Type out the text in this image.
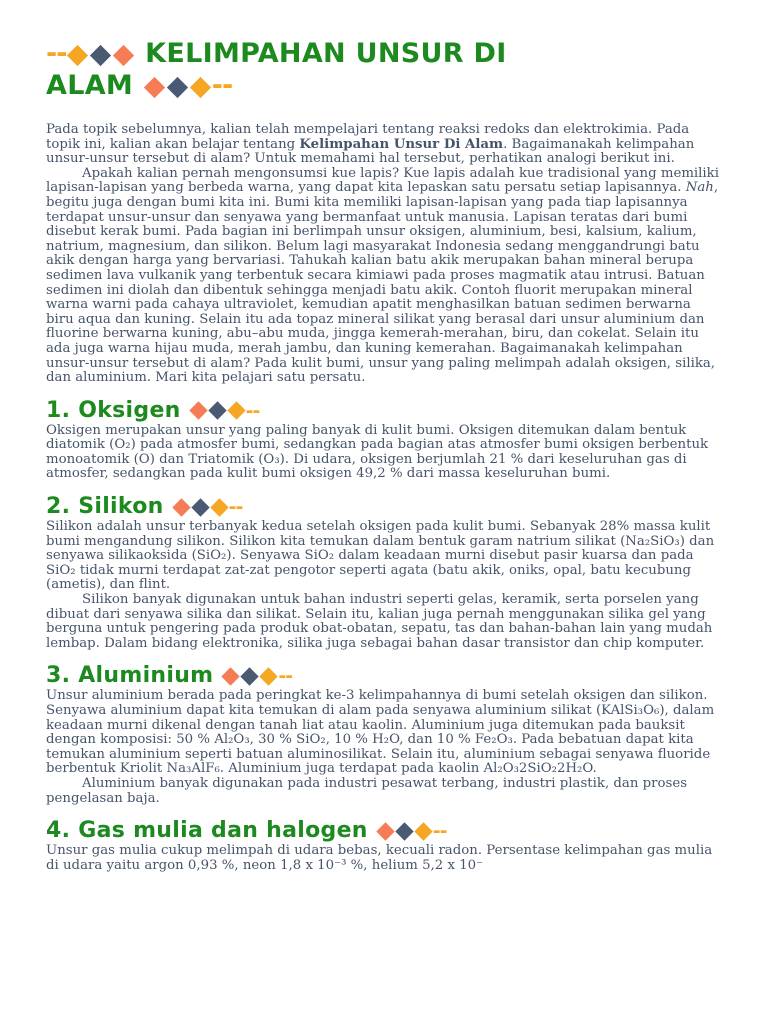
--	KELIMPAHAN UNSUR DI
ALAM	--

Pada topik sebelumnya, kalian telah mempelajari tentang reaksi redoks dan elektrokimia. Pada topik ini, kalian akan belajar tentang Kelimpahan Unsur Di Alam. Bagaimanakah kelimpahan unsur-unsur tersebut di alam? Untuk memahami hal tersebut, perhatikan analogi berikut ini.

Apakah kalian pernah mengonsumsi kue lapis? Kue lapis adalah kue tradisional yang memiliki lapisan-lapisan yang berbeda warna, yang dapat kita lepaskan satu persatu setiap lapisannya. Nah, begitu juga dengan bumi kita ini. Bumi kita memiliki lapisan-lapisan yang pada tiap lapisannya terdapat unsur-unsur dan senyawa yang bermanfaat untuk manusia. Lapisan teratas dari bumi disebut kerak bumi. Pada bagian ini berlimpah unsur oksigen, aluminium, besi, kalsium, kalium, natrium, magnesium, dan silikon. Belum lagi masyarakat Indonesia sedang menggandrungi batu akik dengan harga yang bervariasi. Tahukah kalian batu akik merupakan bahan mineral berupa sedimen lava vulkanik yang terbentuk secara kimiawi pada proses magmatik atau intrusi. Batuan sedimen ini diolah dan dibentuk sehingga menjadi batu akik. Contoh fluorit merupakan mineral warna warni pada cahaya ultraviolet, kemudian apatit menghasilkan batuan sedimen berwarna biru aqua dan kuning. Selain itu ada topaz mineral silikat yang berasal dari unsur aluminium dan fluorine berwarna kuning, abu–abu muda, jingga kemerah-merahan, biru, dan cokelat. Selain itu ada juga warna hijau muda, merah jambu, dan kuning kemerahan. Bagaimanakah kelimpahan unsur-unsur tersebut di alam? Pada kulit bumi, unsur yang paling melimpah adalah oksigen, silika, dan aluminium. Mari kita pelajari satu persatu.

1. Oksigen	--

Oksigen merupakan unsur yang paling banyak di kulit bumi. Oksigen ditemukan dalam bentuk diatomik (O₂) pada atmosfer bumi, sedangkan pada bagian atas atmosfer bumi oksigen berbentuk monoatomik (O) dan Triatomik (O₃). Di udara, oksigen berjumlah 21 % dari keseluruhan gas di atmosfer, sedangkan pada kulit bumi oksigen 49,2 % dari massa keseluruhan bumi.

2. Silikon	--

Silikon adalah unsur terbanyak kedua setelah oksigen pada kulit bumi. Sebanyak 28% massa kulit bumi mengandung silikon. Silikon kita temukan dalam bentuk garam natrium silikat (Na₂SiO₃) dan senyawa silikaoksida (SiO₂). Senyawa SiO₂ dalam keadaan murni disebut pasir kuarsa dan pada SiO₂ tidak murni terdapat zat-zat pengotor seperti agata (batu akik, oniks, opal, batu kecubung (ametis), dan flint.

Silikon banyak digunakan untuk bahan industri seperti gelas, keramik, serta porselen yang dibuat dari senyawa silika dan silikat. Selain itu, kalian juga pernah menggunakan silika gel yang berguna untuk pengering pada produk obat-obatan, sepatu, tas dan bahan-bahan lain yang mudah lembap. Dalam bidang elektronika, silika juga sebagai bahan dasar transistor dan chip komputer.

3. Aluminium	--

Unsur aluminium berada pada peringkat ke-3 kelimpahannya di bumi setelah oksigen dan silikon. Senyawa aluminium dapat kita temukan di alam pada senyawa aluminium silikat (KAlSi₃O₆), dalam keadaan murni dikenal dengan tanah liat atau kaolin. Aluminium juga ditemukan pada bauksit dengan komposisi: 50 % Al₂O₃, 30 % SiO₂, 10 % H₂O, dan 10 % Fe₂O₃. Pada bebatuan dapat kita temukan aluminium seperti batuan aluminosilikat. Selain itu, aluminium sebagai senyawa fluoride berbentuk Kriolit Na₃AlF₆. Aluminium juga terdapat pada kaolin Al₂O₃2SiO₂2H₂O.

Aluminium banyak digunakan pada industri pesawat terbang, industri plastik, dan proses pengelasan baja.

4. Gas mulia dan halogen	--

Unsur gas mulia cukup melimpah di udara bebas, kecuali radon. Persentase kelimpahan gas mulia di udara yaitu argon 0,93 %, neon 1,8 x 10⁻³ %, helium 5,2 x 10⁻
